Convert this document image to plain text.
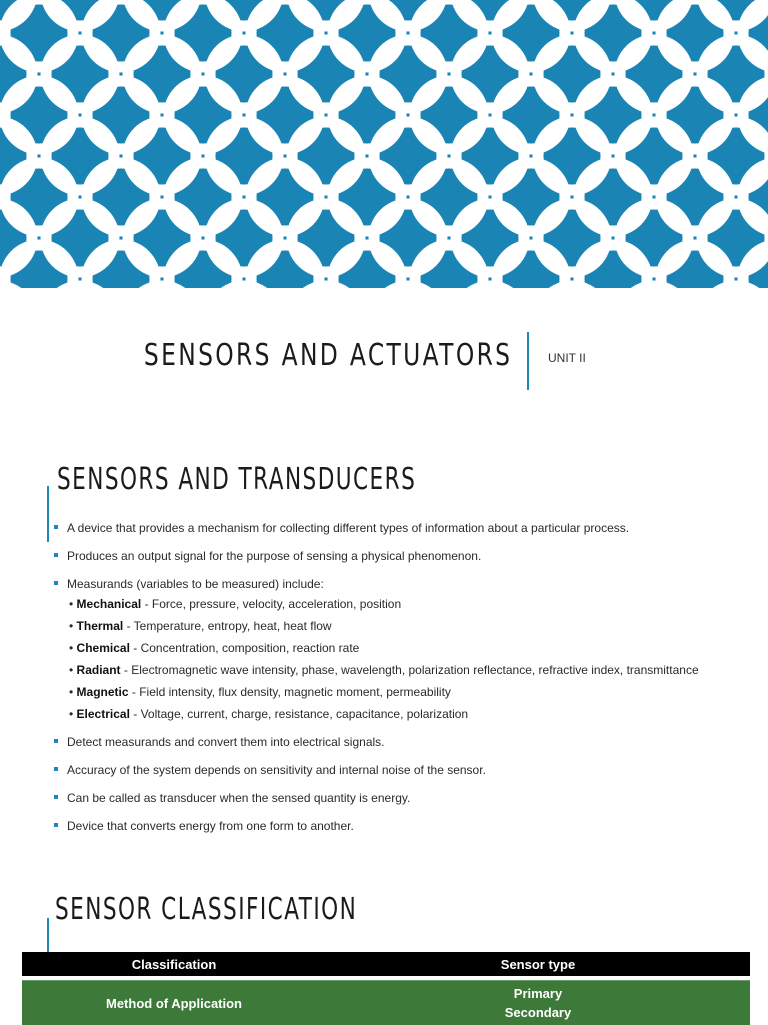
SENSORS AND ACTUATORS	UNIT II
SENSORS AND TRANSDUCERS
A device that provides a mechanism for collecting different types of information about a particular process.
Produces an output signal for the purpose of sensing a physical phenomenon.
Measurands (variables to be measured) include:
• Mechanical - Force, pressure, velocity, acceleration, position
• Thermal - Temperature, entropy, heat, heat flow
• Chemical - Concentration, composition, reaction rate
• Radiant - Electromagnetic wave intensity, phase, wavelength, polarization reflectance, refractive index, transmittance
• Magnetic - Field intensity, flux density, magnetic moment, permeability
• Electrical - Voltage, current, charge, resistance, capacitance, polarization
Detect measurands and convert them into electrical signals.
Accuracy of the system depends on sensitivity and internal noise of the sensor.
Can be called as transducer when the sensed quantity is energy.
Device that converts energy from one form to another.
SENSOR CLASSIFICATION
Classification	Sensor type
Method of Application
Primary
Secondary
